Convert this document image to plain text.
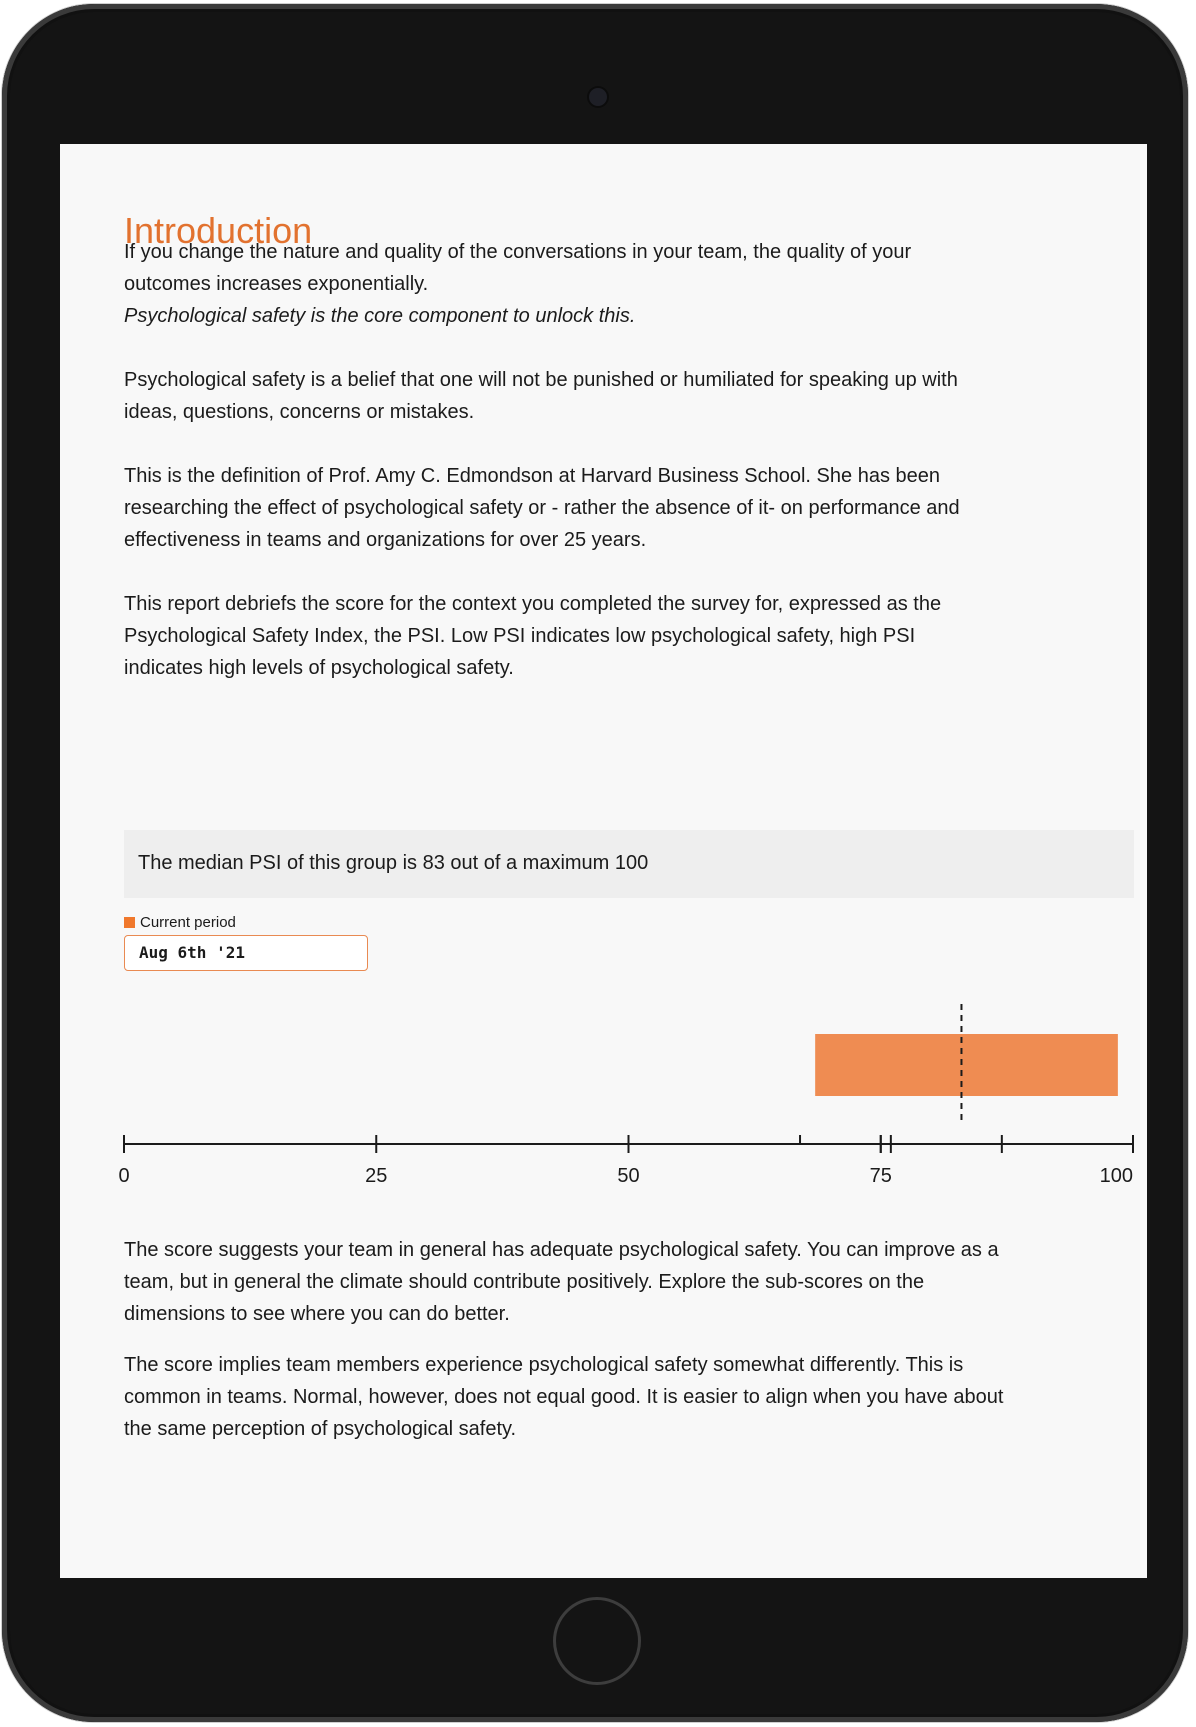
Introduction

If you change the nature and quality of the conversations in your team, the quality of your
outcomes increases exponentially.
Psychological safety is the core component to unlock this.

Psychological safety is a belief that one will not be punished or humiliated for speaking up with ideas, questions, concerns or mistakes.

This is the definition of Prof. Amy C. Edmondson at Harvard Business School. She has been researching the effect of psychological safety or - rather the absence of it- on performance and effectiveness in teams and organizations for over 25 years.

This report debriefs the score for the context you completed the survey for, expressed as the Psychological Safety Index, the PSI. Low PSI indicates low psychological safety, high PSI indicates high levels of psychological safety.

The median PSI of this group is 83 out of a maximum 100
Current period
Aug 6th '21
0	25	50	75	100

The score suggests your team in general has adequate psychological safety. You can improve as a team, but in general the climate should contribute positively. Explore the sub-scores on the dimensions to see where you can do better.

The score implies team members experience psychological safety somewhat differently. This is common in teams. Normal, however, does not equal good. It is easier to align when you have about the same perception of psychological safety.
